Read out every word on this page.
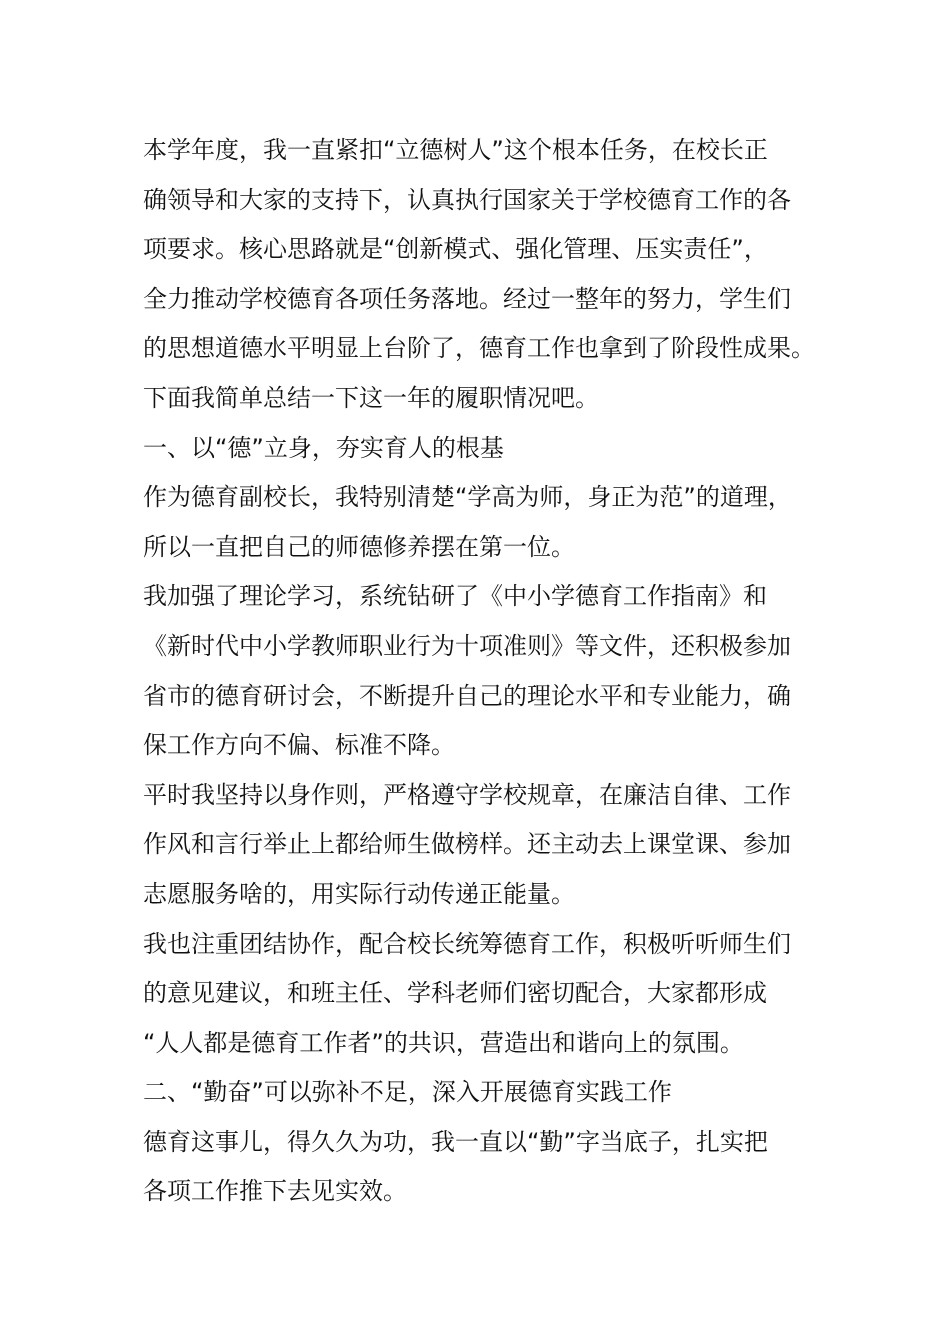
本学年度，我一直紧扣“立德树人”这个根本任务，在校长正
确领导和大家的支持下，认真执行国家关于学校德育工作的各
项要求。核心思路就是“创新模式、强化管理、压实责任”，
全力推动学校德育各项任务落地。经过一整年的努力，学生们
的思想道德水平明显上台阶了，德育工作也拿到了阶段性成果。
下面我简单总结一下这一年的履职情况吧。
一、以“德”立身，夯实育人的根基
作为德育副校长，我特别清楚“学高为师，身正为范”的道理，
所以一直把自己的师德修养摆在第一位。
我加强了理论学习，系统钻研了《中小学德育工作指南》和
《新时代中小学教师职业行为十项准则》等文件，还积极参加
省市的德育研讨会，不断提升自己的理论水平和专业能力，确
保工作方向不偏、标准不降。
平时我坚持以身作则，严格遵守学校规章，在廉洁自律、工作
作风和言行举止上都给师生做榜样。还主动去上课堂课、参加
志愿服务啥的，用实际行动传递正能量。
我也注重团结协作，配合校长统筹德育工作，积极听听师生们
的意见建议，和班主任、学科老师们密切配合，大家都形成
“人人都是德育工作者”的共识，营造出和谐向上的氛围。
二、“勤奋”可以弥补不足，深入开展德育实践工作
德育这事儿，得久久为功，我一直以“勤”字当底子，扎实把
各项工作推下去见实效。
